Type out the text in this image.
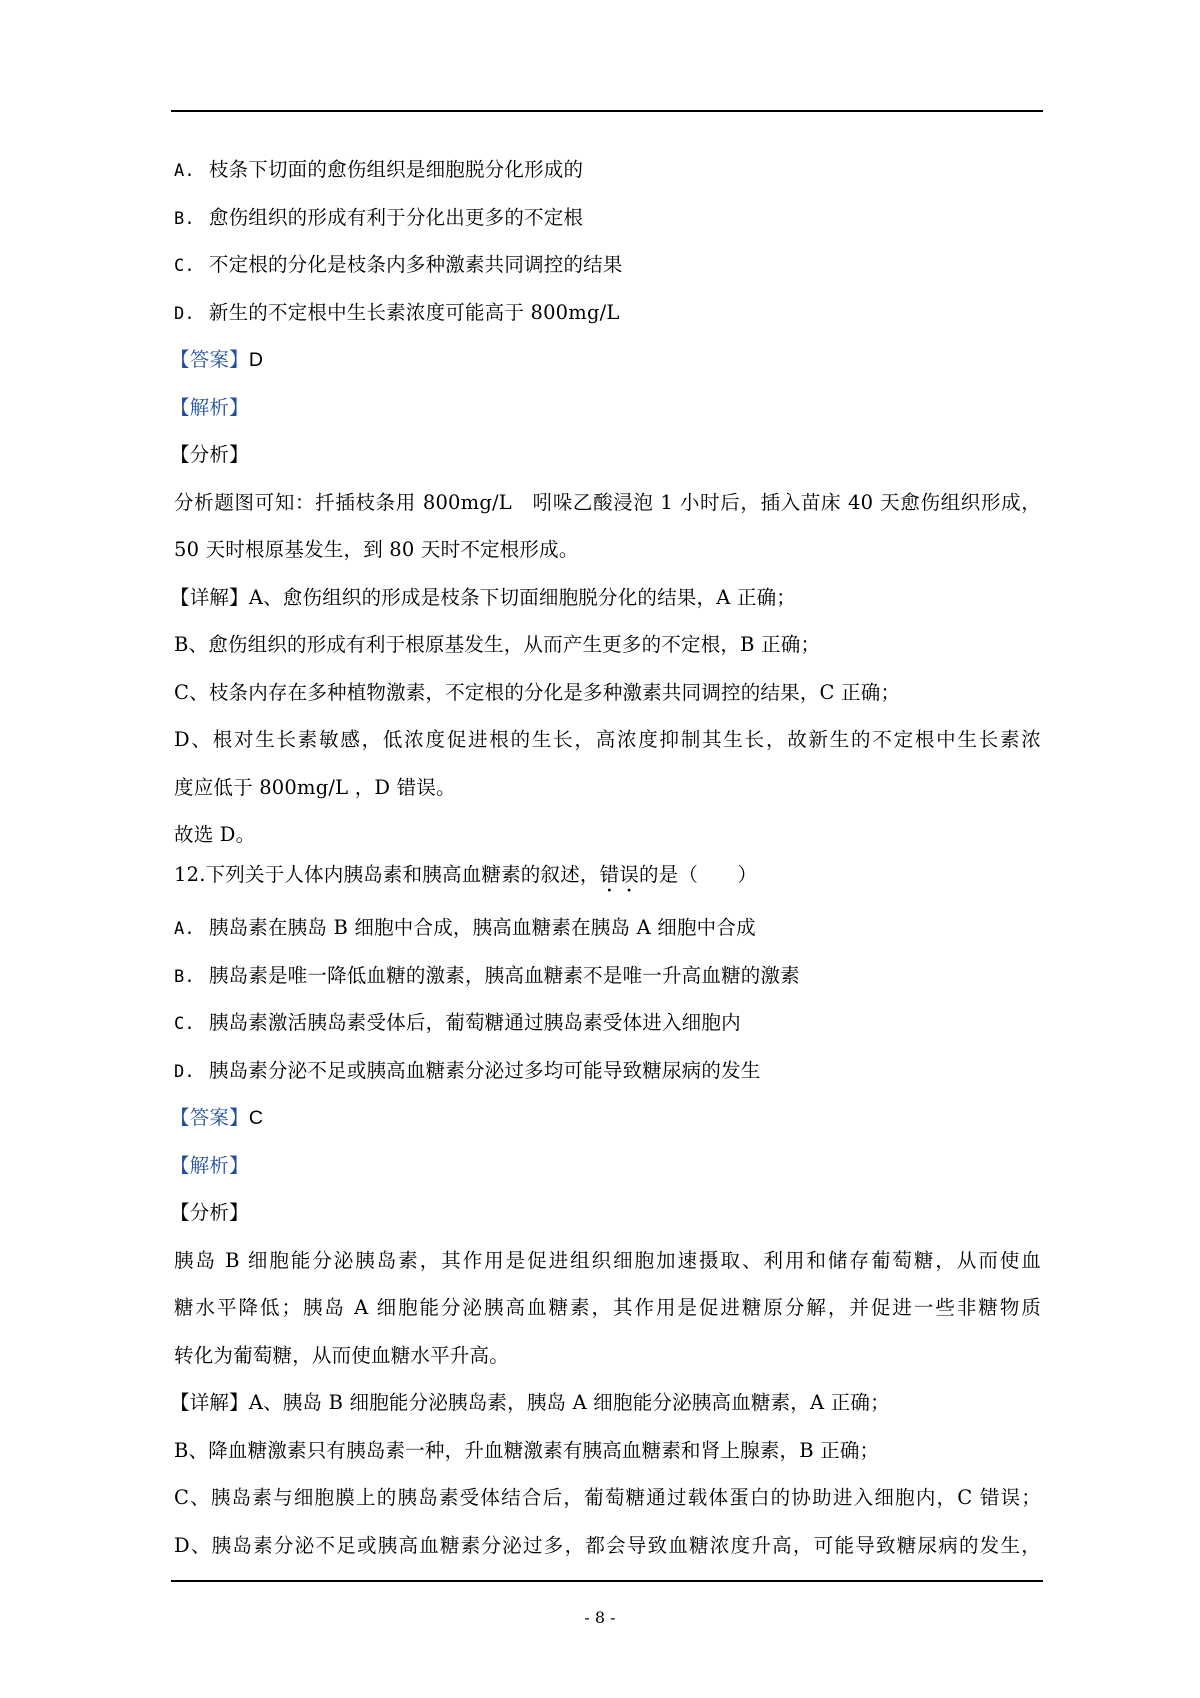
A. 枝条下切面的愈伤组织是细胞脱分化形成的
B. 愈伤组织的形成有利于分化出更多的不定根
C. 不定根的分化是枝条内多种激素共同调控的结果
D. 新生的不定根中生长素浓度可能高于 800mg/L
【答案】D
【解析】
【分析】
分析题图可知：扦插枝条用 800mg/L　吲哚乙酸浸泡 1 小时后，插入苗床 40 天愈伤组织形成，
50 天时根原基发生，到 80 天时不定根形成。
【详解】A、愈伤组织的形成是枝条下切面细胞脱分化的结果，A 正确；
B、愈伤组织的形成有利于根原基发生，从而产生更多的不定根，B 正确；
C、枝条内存在多种植物激素，不定根的分化是多种激素共同调控的结果，C 正确；
D、根对生长素敏感，低浓度促进根的生长，高浓度抑制其生长，故新生的不定根中生长素浓
度应低于 800mg/L ，D 错误。
故选 D。
12.下列关于人体内胰岛素和胰高血糖素的叙述，错误的是（　　）
A. 胰岛素在胰岛 B 细胞中合成，胰高血糖素在胰岛 A 细胞中合成
B. 胰岛素是唯一降低血糖的激素，胰高血糖素不是唯一升高血糖的激素
C. 胰岛素激活胰岛素受体后，葡萄糖通过胰岛素受体进入细胞内
D. 胰岛素分泌不足或胰高血糖素分泌过多均可能导致糖尿病的发生
【答案】C
【解析】
【分析】
胰岛 B 细胞能分泌胰岛素，其作用是促进组织细胞加速摄取、利用和储存葡萄糖，从而使血
糖水平降低；胰岛 A 细胞能分泌胰高血糖素，其作用是促进糖原分解，并促进一些非糖物质
转化为葡萄糖，从而使血糖水平升高。
【详解】A、胰岛 B 细胞能分泌胰岛素，胰岛 A 细胞能分泌胰高血糖素，A 正确；
B、降血糖激素只有胰岛素一种，升血糖激素有胰高血糖素和肾上腺素，B 正确；
C、胰岛素与细胞膜上的胰岛素受体结合后，葡萄糖通过载体蛋白的协助进入细胞内，C 错误；
D、胰岛素分泌不足或胰高血糖素分泌过多，都会导致血糖浓度升高，可能导致糖尿病的发生，
- 8 -
